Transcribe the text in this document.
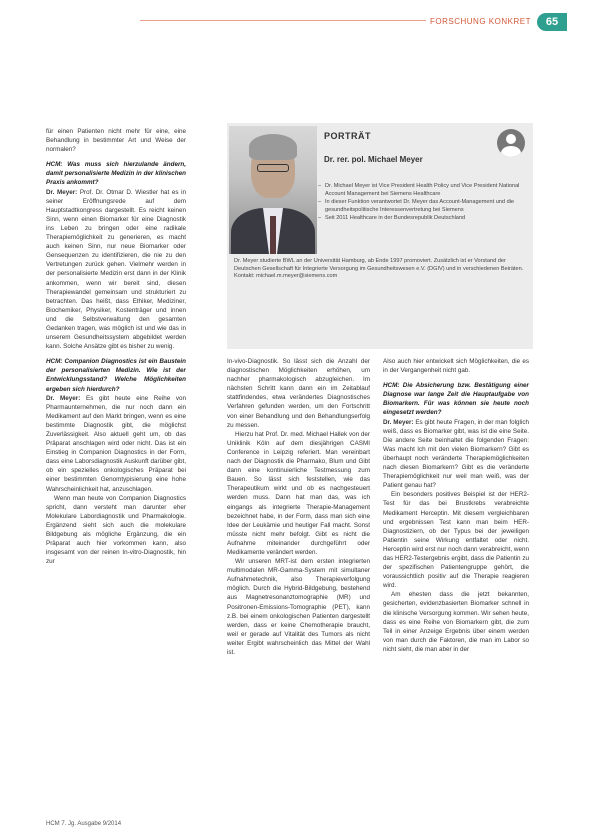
FORSCHUNG KONKRET	65

für einen Patienten nicht mehr für eine, eine Behandlung in bestimmter Art und Weise der normalen?

HCM: Was muss sich hierzulande ändern, damit personalisierte Medizin in der klinischen Praxis ankommt?

Dr. Meyer: Prof. Dr. Otmar D. Wiestler hat es in seiner Eröffnungsrede auf dem Hauptstadtkongress dargestellt. Es reicht keinen Sinn, wenn einen Biomarker für eine Diagnostik ins Leben zu bringen oder eine radikale Therapiemöglichkeit zu generieren, es macht auch keinen Sinn, nur neue Biomarker oder Gensequenzen zu identifizieren, die nie zu den Vertretungen zurück gehen. Vielmehr werden in der personalisierte Medizin erst dann in der Klinik ankommen, wenn wir bereit sind, diesen Therapiewandel gemeinsam und strukturiert zu betrachten. Das heißt, dass Ethiker, Mediziner, Biochemiker, Physiker, Kostenträger und innen und die Selbstverwaltung den gesamten Gedanken tragen, was möglich ist und wie das in unserem Gesundheitssystem abgebildet werden kann. Solche Ansätze gibt es bisher zu wenig.

HCM: Companion Diagnostics ist ein Baustein der personalisierten Medizin. Wie ist der Entwicklungsstand? Welche Möglichkeiten ergeben sich hierdurch?

Dr. Meyer: Es gibt heute eine Reihe von Pharmaunternehmen, die nur noch dann ein Medikament auf den Markt bringen, wenn es eine bestimmte Diagnostik gibt, die möglichst Zuverlässigkeit. Also aktuell geht um, ob das Präparat anschlagen wird oder nicht. Das ist ein Einstieg in Companion Diagnostics in der Form, dass eine Laborsdiagnostik Auskunft darüber gibt, ob ein spezielles onkologisches Präparat bei einer bestimmten Genomtypisierung eine hohe Wahrscheinlichkeit hat, anzuschlagen.

Wenn man heute von Companion Diagnostics spricht, dann versteht man darunter eher Molekulare Labordiagnostik und Pharmakologie. Ergänzend sieht sich auch die molekulare Bildgebung als mögliche Ergänzung, die ein Präparat auch hier vorkommen kann, also insgesamt von der reinen In-vitro-Diagnostik, hin zur

PORTRÄT
Dr. rer. pol. Michael Meyer
– Dr. Michael Meyer ist Vice President Health Policy und Vice President National Account Management bei Siemens Healthcare
– In dieser Funktion verantwortet Dr. Meyer das Account-Management und die gesundheitspolitische Interessenvertretung bei Siemens
– Seit 2011 Healthcare in der Bundesrepublik Deutschland
Dr. Meyer studierte BWL an der Universität Hamburg, ab Ende 1997 promoviert. Zusätzlich ist er Vorstand der Deutschen Gesellschaft für Integrierte Versorgung im Gesundheitswesen e.V. (DGIV) und in verschiedenen Beiräten. Kontakt: michael.m.meyer@siemens.com

In-vivo-Diagnostik. So lässt sich die Anzahl der diagnostischen Möglichkeiten erhöhen, um nachher pharmakologisch abzugleichen. Im nächsten Schritt kann dann ein im Zeitablauf stattfindendes, etwa verändertes Diagnostisches Verfahren gefunden werden, um den Fortschritt von einer Behandlung und den Behandlungserfolg zu messen.

Hierzu hat Prof. Dr. med. Michael Hallek von der Uniklinik Köln auf dem diesjährigen CASMI Conference in Leipzig referiert. Man vereinbart nach der Diagnostik die Pharmako, Blum und Gibt dann eine kontinuierliche Testmessung zum Bauen. So lässt sich feststellen, wie das Therapeutikum wirkt und ob es nachgesteuert werden muss. Dann hat man das, was ich eingangs als integrierte Therapie-Management bezeichnet habe, in der Form, dass man sich eine Idee der Leukämie und heutiger Fall macht. Sonst müsste nicht mehr befolgt. Gibt es nicht die Aufnahme miteinander durchgeführt oder Medikamente verändert werden.

Wir unseren MRT-ist dem ersten integrierten multimodalen MR-Gamma-System mit simultaner Aufnahmetechnik, also Therapieverfolgung möglich. Durch die Hybrid-Bildgebung, bestehend aus Magnetresonanztomographie (MR) und Positronen-Emissions-Tomographie (PET), kann z.B. bei einem onkologischen Patienten dargestellt werden, dass er keine Chemotherapie braucht, weil er gerade auf Vitalität des Tumors als nicht weiter Ergibt wahrscheinlich das Mittel der Wahl ist.

Also auch hier entwickelt sich Möglichkeiten, die es in der Vergangenheit nicht gab.

HCM: Die Absicherung bzw. Bestätigung einer Diagnose war lange Zeit die Hauptaufgabe von Biomarkern. Für was können sie heute noch eingesetzt werden?

Dr. Meyer: Es gibt heute Fragen, in der man folglich weiß, dass es Biomarker gibt, was ist die eine Seite. Die andere Seite beinhaltet die folgenden Fragen: Was macht Ich mit den vielen Biomarkern? Gibt es überhaupt noch veränderte Therapiemöglichkeiten nach diesen Biomarkern? Gibt es die veränderte Therapiemöglichkeit nur weil man weiß, was der Patient genau hat?

Ein besonders positives Beispiel ist der HER2-Test für das bei Brustkrebs verabreichte Medikament Herceptin. Mit diesem vergleichbaren und ergebnissen Test kann man beim HER-Diagnostiziern, ob der Typus bei der jeweiligen Patientin seine Wirkung entfaltet oder nicht. Herceptin wird erst nur noch dann verabreicht, wenn das HER2-Testergebnis ergibt, dass die Patientin zu der spezifischen Patientengruppe gehört, die voraussichtlich positiv auf die Therapie reagieren wird.

Am ehesten dass die jetzt bekannten, gesicherten, evidenzbasierten Biomarker schnell in die klinische Versorgung kommen. Wir sehen heute, dass es eine Reihe von Biomarkern gibt, die zum Teil in einer Anzeige Ergebnis über einem werden von man durch die Faktoren, die man im Labor so nicht sieht, die man aber in der

HCM 7. Jg. Ausgabe 9/2014
